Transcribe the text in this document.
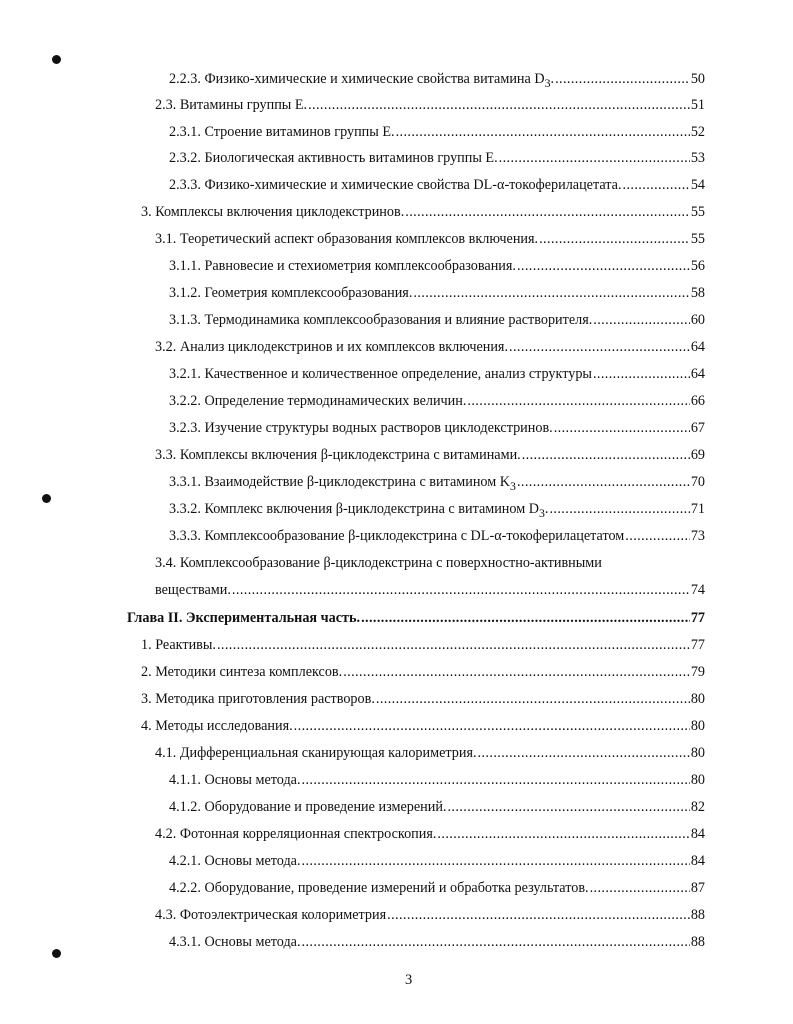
2.2.3. Физико-химические и химические свойства витамина $D_3$. .....	50
2.3. Витамины группы E. .....	51
2.3.1. Строение витаминов группы E. .....	52
2.3.2. Биологическая активность витаминов группы E. .....	53
2.3.3. Физико-химические и химические свойства DL-α-токоферилацетата. .....	54
3. Комплексы включения циклодекстринов. .....	55
3.1. Теоретический аспект образования комплексов включения. .....	55
3.1.1. Равновесие и стехиометрия комплексообразования. .....	56
3.1.2. Геометрия комплексообразования. .....	58
3.1.3. Термодинамика комплексообразования и влияние растворителя. .....	60
3.2. Анализ циклодекстринов и их комплексов включения. .....	64
3.2.1. Качественное и количественное определение, анализ структуры .....	64
3.2.2. Определение термодинамических величин. .....	66
3.2.3. Изучение структуры водных растворов циклодекстринов. .....	67
3.3. Комплексы включения β-циклодекстрина с витаминами. .....	69
3.3.1. Взаимодействие β-циклодекстрина с витамином $K_3$ .....	70
3.3.2. Комплекс включения β-циклодекстрина с витамином $D_3$. .....	71
3.3.3. Комплексообразование β-циклодекстрина с DL-α-токоферилацетатом .....	73
3.4. Комплексообразование β-циклодекстрина с поверхностно-активными
веществами. .....	74
Глава II. Экспериментальная часть. .....	77
1. Реактивы. .....	77
2. Методики синтеза комплексов. .....	79
3. Методика приготовления растворов. .....	80
4. Методы исследования. .....	80
4.1. Дифференциальная сканирующая калориметрия. .....	80
4.1.1. Основы метода. .....	80
4.1.2. Оборудование и проведение измерений. .....	82
4.2. Фотонная корреляционная спектроскопия. .....	84
4.2.1. Основы метода. .....	84
4.2.2. Оборудование, проведение измерений и обработка результатов. .....	87
4.3. Фотоэлектрическая колориметрия .....	88
4.3.1. Основы метода. .....	88
3
